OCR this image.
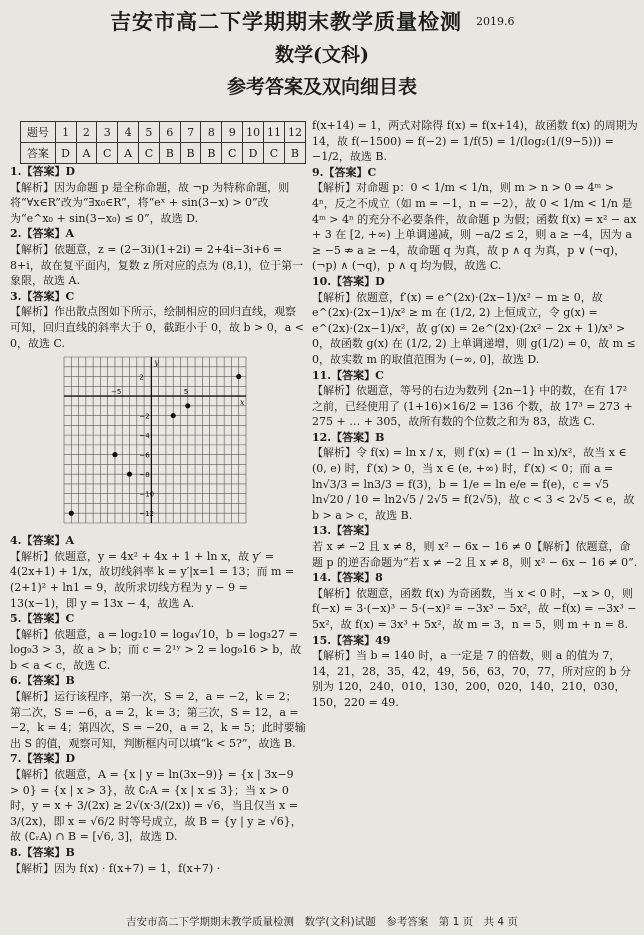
吉安市高二下学期期末教学质量检测 2019.6
数学(文科)
参考答案及双向细目表
题号	1	2	3	4	5	6	7	8	9	10	11	12
答案	D	A	C	A	C	B	B	B	C	D	C	B
1.【答案】D
【解析】因为命题 p 是全称命题，故 ¬p 为特称命题，则将“∀x∈R”改为“∃x₀∈R”，将“eˣ + sin(3−x) > 0”改为“e^x₀ + sin(3−x₀) ≤ 0”，故选 D.
2.【答案】A
【解析】依题意，z = (2−3i)(1+2i) = 2+4i−3i+6 = 8+i，故在复平面内，复数 z 所对应的点为 (8,1)，位于第一象限，故选 A.
3.【答案】C
【解析】作出散点图如下所示，绘制相应的回归直线，观察可知，回归直线的斜率大于 0，截距小于 0，故 b > 0，a < 0，故选 C.
−5	5
2
−2
−4
−6
−8
−10
−12
x
y
4.【答案】A
【解析】依题意，y = 4x² + 4x + 1 + ln x，故 y′ = 4(2x+1) + 1/x，故切线斜率 k = y′|x=1 = 13；而 m = (2+1)² + ln1 = 9，故所求切线方程为 y − 9 = 13(x−1)，即 y = 13x − 4，故选 A.
5.【答案】C
【解析】依题意，a = log₂10 = log₄√10，b = log₃27 = log₉3 > 3，故 a > b；而 c = 2¹ʸ > 2 = log₉16 > b，故 b < a < c，故选 C.
6.【答案】B
【解析】运行该程序，第一次，S = 2，a = −2，k = 2；第二次，S = −6，a = 2，k = 3；第三次，S = 12，a = −2，k = 4；第四次，S = −20，a = 2，k = 5；此时要输出 S 的值，观察可知，判断框内可以填“k < 5?”，故选 B.
7.【答案】D
【解析】依题意，A = {x | y = ln(3x−9)} = {x | 3x−9 > 0} = {x | x > 3}，故 ∁ᵣA = {x | x ≤ 3}；当 x > 0 时，y = x + 3/(2x) ≥ 2√(x·3/(2x)) = √6，当且仅当 x = 3/(2x)，即 x = √6/2 时等号成立，故 B = {y | y ≥ √6}，故 (∁ᵣA) ∩ B = [√6, 3]，故选 D.
8.【答案】B
【解析】因为 f(x) · f(x+7) = 1，f(x+7) ·
f(x+14) = 1，两式对除得 f(x) = f(x+14)，故函数 f(x) 的周期为 14，故 f(−1500) = f(−2) = 1/f(5) = 1/(log₂(1/(9−5))) = −1/2，故选 B.
9.【答案】C
【解析】对命题 p：0 < 1/m < 1/n，则 m > n > 0 ⇒ 4ᵐ > 4ⁿ，反之不成立（如 m = −1，n = −2），故 0 < 1/m < 1/n 是 4ᵐ > 4ⁿ 的充分不必要条件，故命题 p 为假；函数 f(x) = x² − ax + 3 在 [2, +∞) 上单调递减，则 −a/2 ≤ 2，则 a ≥ −4，因为 a ≥ −5 ⇏ a ≥ −4，故命题 q 为真，故 p ∧ q 为真，p ∨ (¬q)，(¬p) ∧ (¬q)，p ∧ q 均为假，故选 C.
10.【答案】D
【解析】依题意，f′(x) = e^(2x)·(2x−1)/x² − m ≥ 0，故 e^(2x)·(2x−1)/x² ≥ m 在 (1/2, 2) 上恒成立，令 g(x) = e^(2x)·(2x−1)/x²，故 g′(x) = 2e^(2x)·(2x² − 2x + 1)/x³ > 0，故函数 g(x) 在 (1/2, 2) 上单调递增，则 g(1/2) = 0，故 m ≤ 0，故实数 m 的取值范围为 (−∞, 0]，故选 D.
11.【答案】C
【解析】依题意，等号的右边为数列 {2n−1} 中的数，在有 17² 之前，已经使用了 (1+16)×16/2 = 136 个数，故 17³ = 273 + 275 + … + 305，故所有数的个位数之和为 83，故选 C.
12.【答案】B
【解析】令 f(x) = ln x / x，则 f′(x) = (1 − ln x)/x²，故当 x ∈ (0, e) 时，f′(x) > 0，当 x ∈ (e, +∞) 时，f′(x) < 0；而 a = ln√3/3 = ln3/3 = f(3)，b = 1/e = ln e/e = f(e)，c = √5 ln√20 / 10 = ln2√5 / 2√5 = f(2√5)，故 c < 3 < 2√5 < e，故 b > a > c，故选 B.
13.【答案】
若 x ≠ −2 且 x ≠ 8，则 x² − 6x − 16 ≠ 0【解析】依题意，命题 p 的逆否命题为“若 x ≠ −2 且 x ≠ 8，则 x² − 6x − 16 ≠ 0”.
14.【答案】8
【解析】依题意，函数 f(x) 为奇函数，当 x < 0 时，−x > 0，则 f(−x) = 3·(−x)³ − 5·(−x)² = −3x³ − 5x²，故 −f(x) = −3x³ − 5x²，故 f(x) = 3x³ + 5x²，故 m = 3，n = 5，则 m + n = 8.
15.【答案】49
【解析】当 b = 140 时，a 一定是 7 的倍数，则 a 的值为 7，14，21，28，35，42，49，56，63，70，77，所对应的 b 分别为 120，240，010，130，200，020，140，210，030，150，220 = 49.
吉安市高二下学期期末教学质量检测　数学(文科)试题　参考答案　第 1 页　共 4 页
